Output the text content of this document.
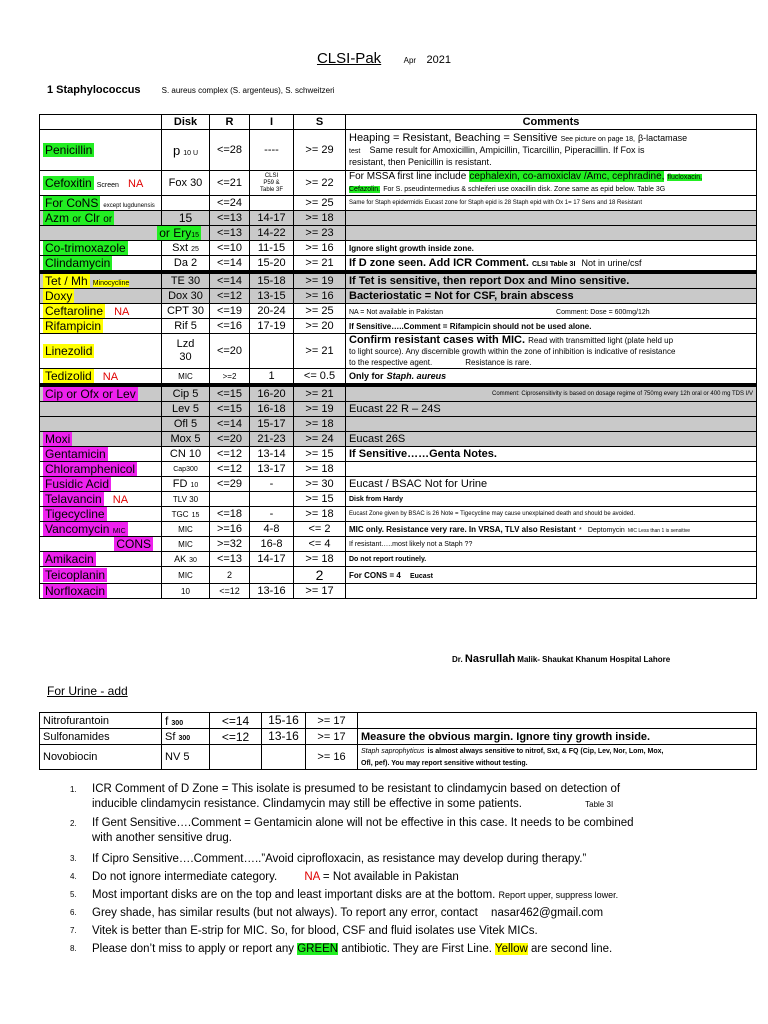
CLSI-Pak	Apr 2021
1 Staphylococcus	S. aureus complex (S. argenteus), S. schweitzeri
	Disk	R	I	S	Comments
Penicillin	p 10 U	<=28	----	>= 29	Heaping = Resistant, Beaching = Sensitive See picture on page 18, β-lactamase
test Same result for Amoxicillin, Ampicillin, Ticarcillin, Piperacillin. If Fox is
resistant, then Penicillin is resistant.
Cefoxitin Screen NA	Fox 30	<=21	CLSI
P59 &
Table 3F	>= 22	For MSSA first line include cephalexin, co-amoxiclav /Amc, cephradine, flucloxacin,
Cefazolin. For S. pseudintermedius & schleiferi use oxacillin disk. Zone same as epid below. Table 3G
For CoNS except lugdunensis		<=24		>= 25	Same for Staph epidermidis Eucast zone for Staph epid is 28 Staph epid with Ox 1= 17 Sens and 18 Resistant
Azm or Clr or	15	<=13	14-17	>= 18	
or Ery15		<=13	14-22	>= 23	
Co-trimoxazole	Sxt 25	<=10	11-15	>= 16	Ignore slight growth inside zone.
Clindamycin	Da 2	<=14	15-20	>= 21	If D zone seen. Add ICR Comment. CLSI Table 3I Not in urine/csf

Tet / Mh Minocycline	TE 30	<=14	15-18	>= 19	If Tet is sensitive, then report Dox and Mino sensitive.
Doxy	Dox 30	<=12	13-15	>= 16	Bacteriostatic = Not for CSF, brain abscess
Ceftaroline NA	CPT 30	<=19	20-24	>= 25	NA = Not available in Pakistan Comment: Dose = 600mg/12h
Rifampicin	Rif 5	<=16	17-19	>= 20	If Sensitive…..Comment = Rifampicin should not be used alone.
Linezolid	Lzd
30	<=20		>= 21	Confirm resistant cases with MIC. Read with transmitted light (plate held up
to light source). Any discernible growth within the zone of inhibition is indicative of resistance
to the respective agent. Resistance is rare.
Tedizolid NA	MIC	>=2	1	<= 0.5	Only for Staph. aureus

Cip or Ofx or Lev	Cip 5	<=15	16-20	>= 21	Comment: Ciprosensitivity is based on dosage regime of 750mg every 12h oral or 400 mg TDS I/V
	Lev 5	<=15	16-18	>= 19	Eucast 22 R – 24S
	Ofl 5	<=14	15-17	>= 18	
Moxi	Mox 5	<=20	21-23	>= 24	Eucast 26S
Gentamicin	CN 10	<=12	13-14	>= 15	If Sensitive……Genta Notes.
Chloramphenicol	Cap300	<=12	13-17	>= 18	
Fusidic Acid	FD 10	<=29	-	>= 30	Eucast / BSAC Not for Urine
Telavancin NA	TLV 30			>= 15	Disk from Hardy
Tigecycline	TGC 15	<=18	-	>= 18	Eucast Zone given by BSAC is 26 Note = Tigecycline may cause unexplained death and should be avoided.
Vancomycin MIC	MIC	>=16	4-8	<= 2	MIC only. Resistance very rare. In VRSA, TLV also Resistant * Deptomycin MIC Less than 1 is sensitive
CONS	MIC	>=32	16-8	<= 4	If resistant…..most likely not a Staph ??
Amikacin	AK 30	<=13	14-17	>= 18	Do not report routinely.
Teicoplanin	MIC	2		2	For CONS = 4 Eucast
Norfloxacin	10	<=12	13-16	>= 17	
Dr. Nasrullah Malik- Shaukat Khanum Hospital Lahore
For Urine - add
Nitrofurantoin	f 300	<=14	15-16	>= 17	
Sulfonamides	Sf 300	<=12	13-16	>= 17	Measure the obvious margin. Ignore tiny growth inside.
Novobiocin	NV 5			>= 16	Staph saprophyticus is almost always sensitive to nitrof, Sxt, & FQ (Cip, Lev, Nor, Lom, Mox,
Ofl, pef). You may report sensitive without testing.
1. ICR Comment of D Zone = This isolate is presumed to be resistant to clindamycin based on detection of
inducible clindamycin resistance. Clindamycin may still be effective in some patients.	Table 3I
2. If Gent Sensitive….Comment = Gentamicin alone will not be effective in this case. It needs to be combined
with another sensitive drug.
3. If Cipro Sensitive….Comment…..”Avoid ciprofloxacin, as resistance may develop during therapy.”
4. Do not ignore intermediate category. NA = Not available in Pakistan
5. Most important disks are on the top and least important disks are at the bottom. Report upper, suppress lower.
6. Grey shade, has similar results (but not always). To report any error, contact nasar462@gmail.com
7. Vitek is better than E-strip for MIC. So, for blood, CSF and fluid isolates use Vitek MICs.
8. Please don’t miss to apply or report any GREEN antibiotic. They are First Line. Yellow are second line.
